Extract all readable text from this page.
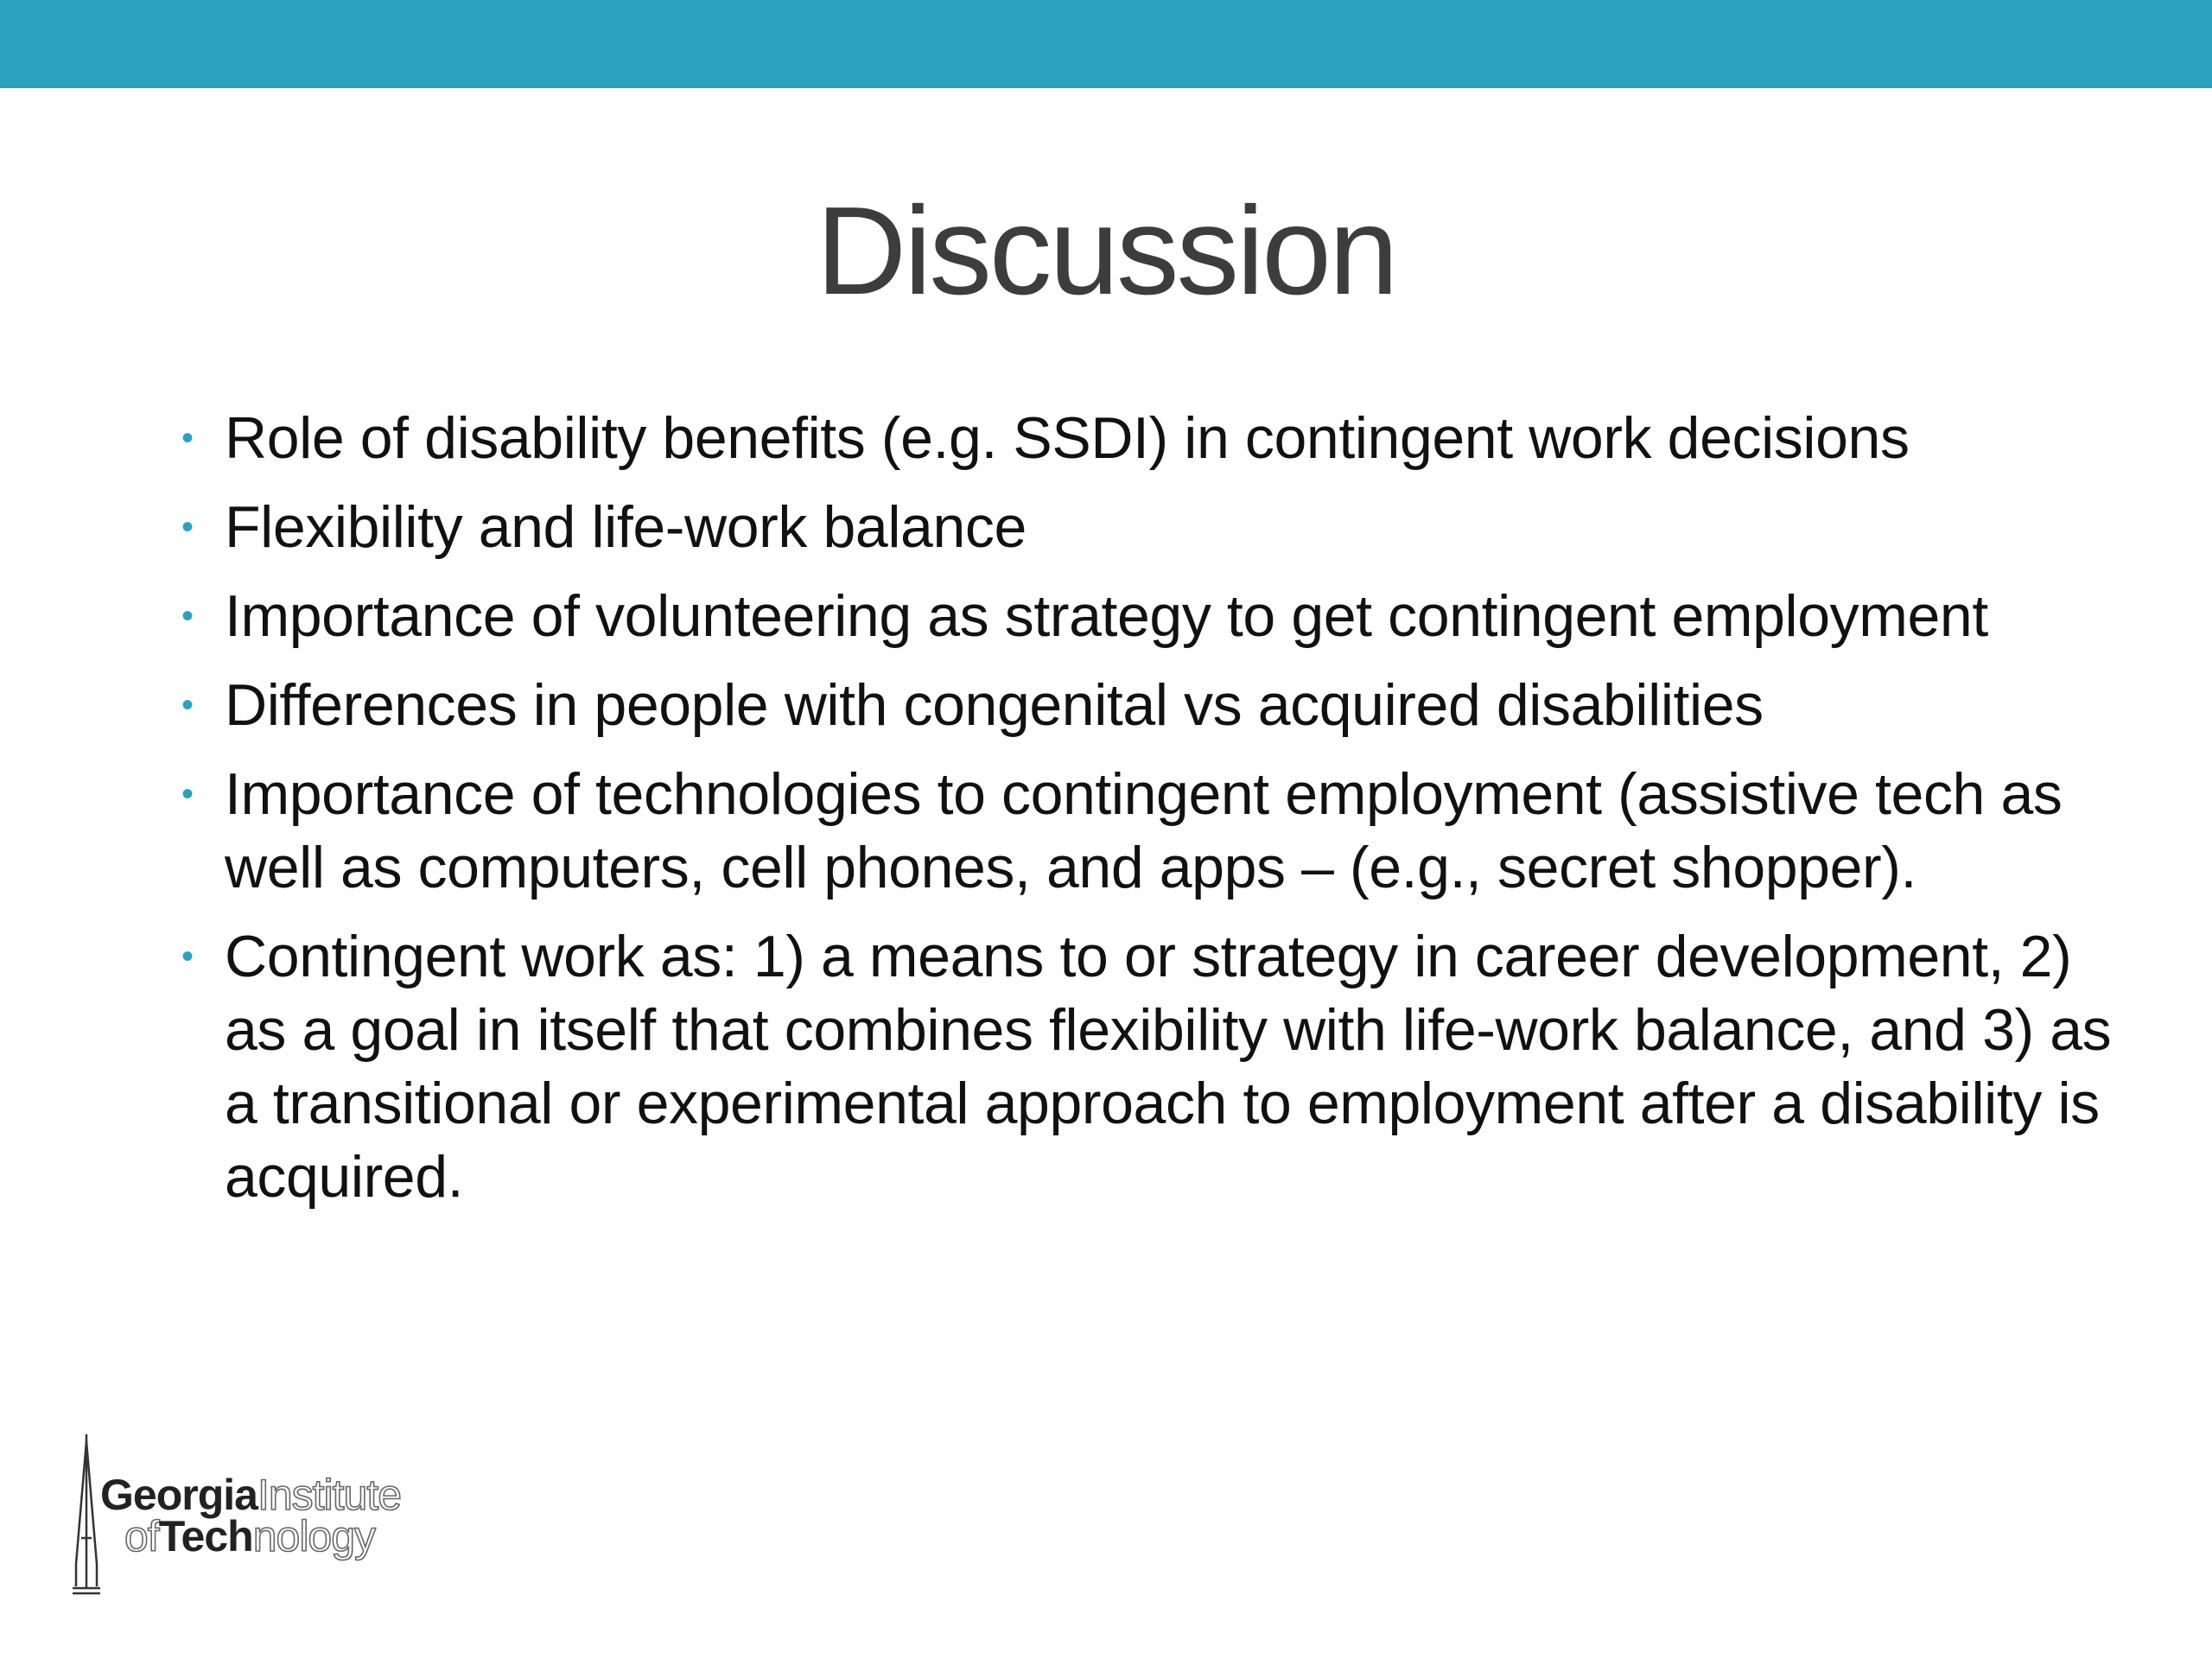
Discussion
• Role of disability benefits (e.g. SSDI) in contingent work decisions
• Flexibility and life-work balance
• Importance of volunteering as strategy to get contingent employment
• Differences in people with congenital vs acquired disabilities
• Importance of technologies to contingent employment (assistive tech as well as computers, cell phones, and apps – (e.g., secret shopper).
• Contingent work as: 1) a means to or strategy in career development, 2) as a goal in itself that combines flexibility with life-work balance, and 3) as a transitional or experimental approach to employment after a disability is acquired.
GeorgiaInstitute
ofTechnology
